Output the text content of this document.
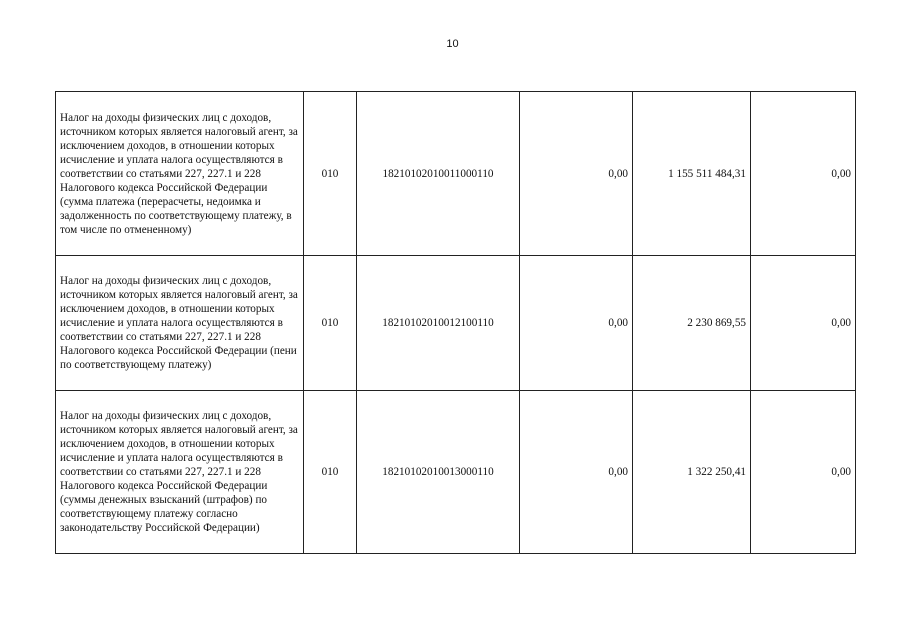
10
Налог на доходы физических лиц с доходов, источником которых является налоговый агент, за исключением доходов, в отношении которых исчисление и уплата налога осуществляются в соответствии со статьями 227, 227.1 и 228 Налогового кодекса Российской Федерации (сумма платежа (перерасчеты, недоимка и задолженность по соответствующему платежу, в том числе по отмененному)	010	18210102010011000110	0,00	1 155 511 484,31	0,00
Налог на доходы физических лиц с доходов, источником которых является налоговый агент, за исключением доходов, в отношении которых исчисление и уплата налога осуществляются в соответствии со статьями 227, 227.1 и 228 Налогового кодекса Российской Федерации (пени по соответствующему платежу)	010	18210102010012100110	0,00	2 230 869,55	0,00
Налог на доходы физических лиц с доходов, источником которых является налоговый агент, за исключением доходов, в отношении которых исчисление и уплата налога осуществляются в соответствии со статьями 227, 227.1 и 228 Налогового кодекса Российской Федерации (суммы денежных взысканий (штрафов) по соответствующему платежу согласно законодательству Российской Федерации)	010	18210102010013000110	0,00	1 322 250,41	0,00
